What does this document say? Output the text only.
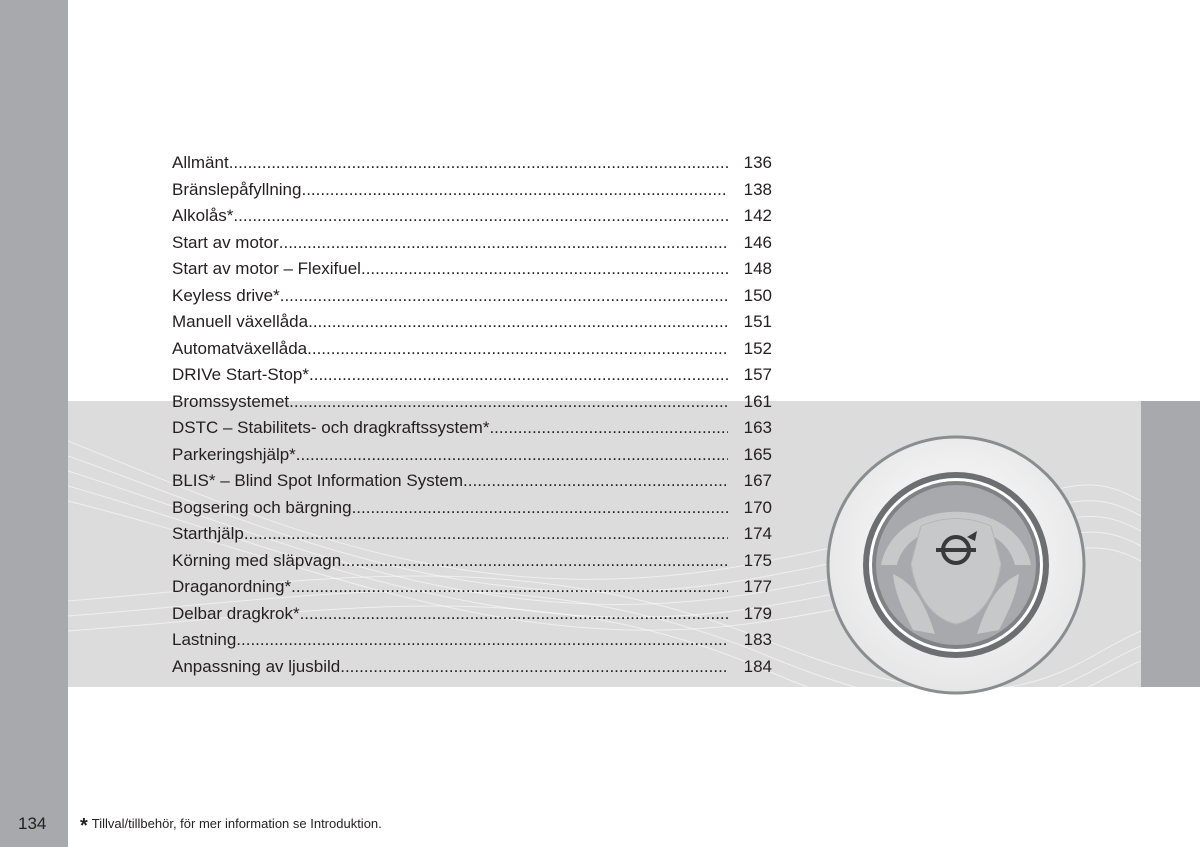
Allmänt .....	136
Bränslepåfyllning .....	138
Alkolås* .....	142
Start av motor .....	146
Start av motor – Flexifuel .....	148
Keyless drive* .....	150
Manuell växellåda .....	151
Automatväxellåda .....	152
DRIVe Start-Stop* .....	157
Bromssystemet .....	161
DSTC – Stabilitets- och dragkraftssystem* .....	163
Parkeringshjälp* .....	165
BLIS* – Blind Spot Information System .....	167
Bogsering och bärgning .....	170
Starthjälp .....	174
Körning med släpvagn .....	175
Draganordning* .....	177
Delbar dragkrok* .....	179
Lastning .....	183
Anpassning av ljusbild .....	184
134 * Tillval/tillbehör, för mer information se Introduktion.
